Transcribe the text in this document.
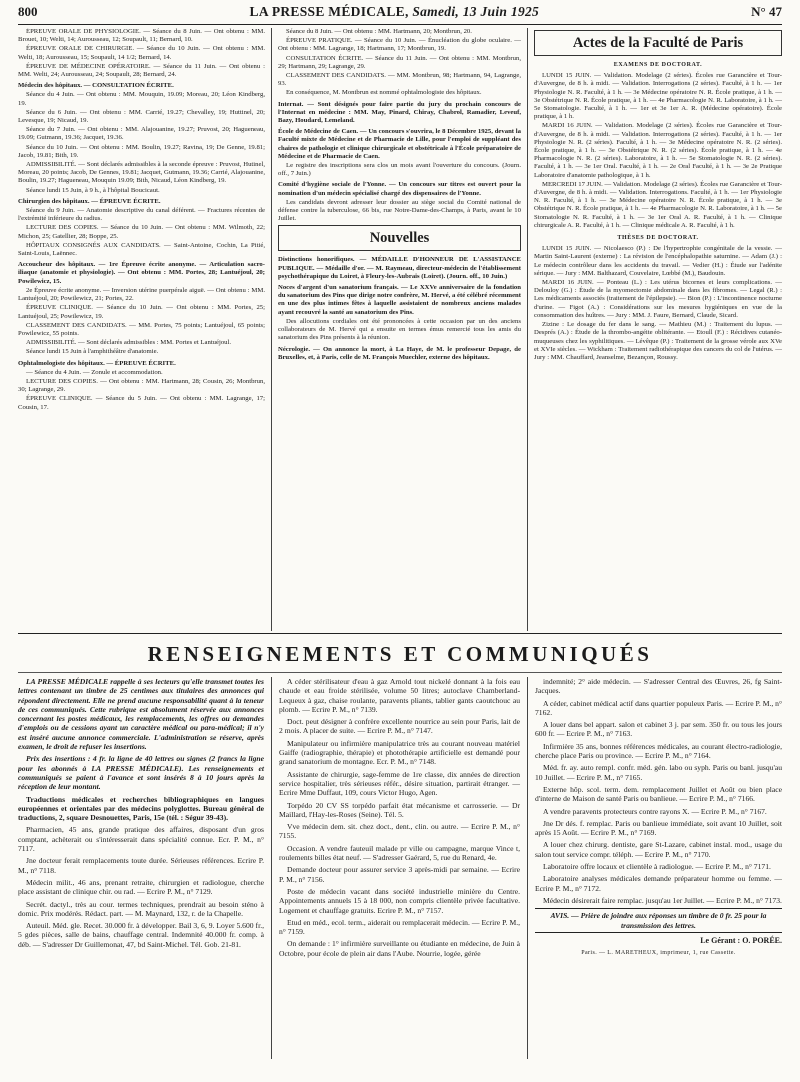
800	LA PRESSE MÉDICALE, Samedi, 13 Juin 1925	N° 47

ÉPREUVE ORALE DE PHYSIOLOGIE. — Séance du 8 Juin. — Ont obtenu : MM. Brouet, 10; Welti, 14; Aurousseau, 12; Soupault, 11; Bernard, 10.

ÉPREUVE ORALE DE CHIRURGIE. — Séance du 10 Juin. — Ont obtenu : MM. Welti, 18; Aurousseau, 15; Soupault, 14 1/2; Bernard, 14.

ÉPREUVE DE MÉDECINE OPÉRATOIRE. — Séance du 11 Juin. — Ont obtenu : MM. Welti, 24; Aurousseau, 24; Soupault, 28; Bernard, 24.

Médecin des hôpitaux. — CONSULTATION ÉCRITE.

Séance du 4 Juin. — Ont obtenu : MM. Mouquin, 19.09; Moreau, 20; Léon Kindberg, 19.

Séance du 6 Juin. — Ont obtenu : MM. Carrié, 19.27; Chevalley, 19; Huttinel, 20; Levesque, 19; Nicaud, 19.

Séance du 7 Juin. — Ont obtenu : MM. Alajouanine, 19.27; Pruvost, 20; Hagueneau, 19.09; Gutmann, 19.36; Jacquet, 19.36.

Séance du 10 Juin. — Ont obtenu : MM. Boulin, 19.27; Ravina, 19; De Genne, 19.81; Jacob, 19.81; Bith, 19.

ADMISSIBILITÉ. — Sont déclarés admissibles à la seconde épreuve : Pruvost, Hutinel, Moreau, 20 points; Jacob, De Gennes, 19.81; Jacquet, Gutmann, 19.36; Carrié, Alajouanine, Boulin, 19.27; Hagueneau, Mouquin 19.09; Bith, Nicaud, Léon Kindberg, 19.

Séance lundi 15 Juin, à 9 h., à l'hôpital Boucicaut.

Chirurgien des hôpitaux. — ÉPREUVE ÉCRITE.

Séance du 9 Juin. — Anatomie descriptive du canal déférent. — Fractures récentes de l'extrémité inférieure du radius.

LECTURE DES COPIES. — Séance du 10 Juin. — Ont obtenu : MM. Wilmoth, 22; Michon, 25; Gatellier, 28; Boppe, 25.

HÔPITAUX CONSIGNÉS AUX CANDIDATS. — Saint-Antoine, Cochin, La Pitié, Saint-Louis, Laënnec.

Accoucheur des hôpitaux. — 1re Épreuve écrite anonyme. — Articulation sacro-iliaque (anatomie et physiologie). — Ont obtenu : MM. Portes, 28; Lantuéjoul, 20; Powilewicz, 15.

2e Épreuve écrite anonyme. — Inversion utérine puerpérale aiguë. — Ont obtenu : MM. Lantuéjoul, 20; Powilewicz, 21; Portes, 22.

ÉPREUVE CLINIQUE. — Séance du 10 Juin. — Ont obtenu : MM. Portes, 25; Lantuéjoul, 25; Powilewicz, 19.

CLASSEMENT DES CANDIDATS. — MM. Portes, 75 points; Lantuéjoul, 65 points; Powilewicz, 55 points.

ADMISSIBILITÉ. — Sont déclarés admissibles : MM. Portes et Lantuéjoul.

Séance lundi 15 Juin à l'amphithéâtre d'anatomie.

Ophtalmologiste des hôpitaux. — ÉPREUVE ÉCRITE.

— Séance du 4 Juin. — Zonule et accommodation.

LECTURE DES COPIES. — Ont obtenu : MM. Hartmann, 28; Cousin, 26; Montbrun, 30; Lagrange, 29.

ÉPREUVE CLINIQUE. — Séance du 5 Juin. — Ont obtenu : MM. Lagrange, 17; Cousin, 17.

Séance du 8 Juin. — Ont obtenu : MM. Hartmann, 20; Montbrun, 20.

ÉPREUVE PRATIQUE. — Séance du 10 Juin. — Énucléation du globe oculaire. — Ont obtenu : MM. Lagrange, 18; Hartmann, 17; Montbrun, 19.

CONSULTATION ÉCRITE. — Séance du 11 Juin. — Ont obtenu : MM. Montbrun, 29; Hartmann, 29; Lagrange, 29.

CLASSEMENT DES CANDIDATS. — MM. Montbrun, 98; Hartmann, 94, Lagrange, 93.

En conséquence, M. Montbrun est nommé ophtalmologiste des hôpitaux.

Internat. — Sont désignés pour faire partie du jury du prochain concours de l'Internat en médecine : MM. May, Pinard, Chiray, Chabrol, Ramadier, Leveuf, Bazy, Houdard, Lemeland.

École de Médecine de Caen. — Un concours s'ouvrira, le 8 Décembre 1925, devant la Faculté mixte de Médecine et de Pharmacie de Lille, pour l'emploi de suppléant des chaires de pathologie et clinique chirurgicale et obstétricale à l'École préparatoire de Médecine et de Pharmacie de Caen.

Le registre des inscriptions sera clos un mois avant l'ouverture du concours. (Journ. off., 7 Juin.)

Comité d'hygiène sociale de l'Yonne. — Un concours sur titres est ouvert pour la nomination d'un médecin spécialisé chargé des dispensaires de l'Yonne.

Les candidats devront adresser leur dossier au siège social du Comité national de défense contre la tuberculose, 66 bis, rue Notre-Dame-des-Champs, à Paris, avant le 10 Juillet.

Nouvelles

Distinctions honorifiques. — MÉDAILLE D'HONNEUR DE L'ASSISTANCE PUBLIQUE. — Médaille d'or. — M. Raymeau, directeur-médecin de l'établissement psychothérapique du Loiret, à Fleury-les-Aubrais (Loiret). (Journ. off., 10 Juin.)

Noces d'argent d'un sanatorium français. — Le XXVe anniversaire de la fondation du sanatorium des Pins que dirige notre confrère, M. Hervé, a été célébré récemment en une des plus intimes fêtes à laquelle assistaient de nombreux anciens malades ayant recouvré la santé au sanatorium des Pins.

Des allocutions cordiales ont été prononcées à cette occasion par un des anciens collaborateurs de M. Hervé qui a ensuite en termes émus remercié tous les amis du sanatorium des Pins présents à la réunion.

Nécrologie. — On annonce la mort, à La Haye, de M. le professeur Depage, de Bruxelles, et, à Paris, celle de M. François Muechler, externe des hôpitaux.

Actes de la Faculté de Paris
EXAMENS DE DOCTORAT.

LUNDI 15 JUIN. — Validation. Modelage (2 séries). Écoles rue Garancière et Tour-d'Auvergne, de 8 h. à midi. — Validation. Interrogations (2 séries). Faculté, à 1 h. — 1er Physiologie N. R. Faculté, à 1 h. — 3e Médecine opératoire N. R. École pratique, à 1 h. — 3e Obstétrique N. R. École pratique, à 1 h. — 4e Pharmacologie N. R. Laboratoire, à 1 h. — 5e Stomatologie. Faculté, à 1 h. — 1er et 3e 1er A. R. (Médecine opératoire). École pratique, à 1 h.

MARDI 16 JUIN. — Validation. Modelage (2 séries). Écoles rue Garancière et Tour-d'Auvergne, de 8 h. à midi. — Validation. Interrogations (2 séries). Faculté, à 1 h. — 1er Physiologie N. R. (2 séries). Faculté, à 1 h. — 3e Médecine opératoire N. R. (2 séries). École pratique, à 1 h. — 3e Obstétrique N. R. (2 séries). École pratique, à 1 h. — 4e Pharmacologie N. R. (2 séries). Laboratoire, à 1 h. — 5e Stomatologie N. R. (2 séries). Faculté, à 1 h. — 3e 1er Oral. Faculté, à 1 h. — 2e Oral Faculté, à 1 h. — 3e 2e Pratique Laboratoire d'anatomie pathologique, à 1 h.

MERCREDI 17 JUIN. — Validation. Modelage (2 séries). Écoles rue Garancière et Tour-d'Auvergne, de 8 h. à midi. — Validation. Interrogations. Faculté, à 1 h. — 1er Physiologie N. R. Faculté, à 1 h. — 3e Médecine opératoire N. R. École pratique, à 1 h. — 3e Obstétrique N. R. École pratique, à 1 h. — 4e Pharmacologie N. R. Laboratoire, à 1 h. — 5e Stomatologie N. R. Faculté, à 1 h. — 3e 1er Oral A. R. Faculté, à 1 h. — Clinique chirurgicale A. R. Faculté, à 1 h. — Clinique médicale A. R. Faculté, à 1 h.

THÈSES DE DOCTORAT.

LUNDI 15 JUIN. — Nicolaesco (P.) : De l'hypertrophie congénitale de la vessie. — Martin Saint-Laurent (externe) : La révision de l'encéphalopathie saturnine. — Adam (J.) : Le médecin contrôleur dans les accidents du travail. — Vedier (H.) : Étude sur l'adénite sérique. — Jury : MM. Balthazard, Couvelaire, Lœbbé (M.), Baudouin.

MARDI 16 JUIN. — Ponteau (L.) : Les utérus bicornes et leurs complications. — Delouloy (G.) : Étude de la myomectomie abdominale dans les fibromes. — Legal (R.) : Les médicaments associés (traitement de l'épilepsie). — Bion (P.) : L'incontinence nocturne d'urine. — Figot (A.) : Considérations sur les mesures hygiéniques en vue de la consommation des huîtres. — Jury : MM. J. Faure, Bernard, Claude, Sicard.

Zizine : Le dosage du fer dans le sang. — Mathieu (M.) : Traitement du lupus. — Després (A.) : Étude de la thrombo-angéite oblitérante. — Etoull (F.) : Récidives cutanéo-muqueuses chez les syphilitiques. — Lévêque (P.) : Traitement de la grosse vérole aux XVe et XVIe siècles. — Wickham : Traitement radiothérapique des cancers du col de l'utérus. — Jury : MM. Chauffard, Jeanselme, Bezançon, Roussy.

RENSEIGNEMENTS ET COMMUNIQUÉS

LA PRESSE MÉDICALE rappelle à ses lecteurs qu'elle transmet toutes les lettres contenant un timbre de 25 centimes aux titulaires des annonces qui répondent directement. Elle ne prend aucune responsabilité quant à la teneur de ces communiqués. Cette rubrique est absolument réservée aux annonces concernant les postes médicaux, les remplacements, les offres ou demandes d'emplois ou de cessions ayant un caractère médical ou para-médical; il n'y est inséré aucune annonce commerciale. L'administration se réserve, après examen, le droit de refuser les insertions.

Prix des insertions : 4 fr. la ligne de 40 lettres ou signes (2 francs la ligne pour les abonnés à LA PRESSE MÉDICALE). Les renseignements et communiqués se paient à l'avance et sont insérés 8 à 10 jours après la réception de leur montant.

Traductions médicales et recherches bibliographiques en langues européennes et orientales par des médecins polyglottes. Bureau général de traductions, 2, square Desnouettes, Paris, 15e (tél. : Ségur 39-43).

Pharmacien, 45 ans, grande pratique des affaires, disposant d'un gros comptant, achèterait ou s'intéresserait dans spécialité connue. Ecr. P. M., n° 7117.

Jne docteur ferait remplacements toute durée. Sérieuses références. Ecrire P. M., n° 7118.

Médecin milit., 46 ans, prenant retraite, chirurgien et radiologue, cherche place assistant de clinique chir. ou rad. — Ecrire P. M., n° 7129.

Secrét. dactyl., très au cour. termes techniques, prendrait au besoin sténo à domic. Prix modérés. Rédact. part. — M. Maynard, 132, r. de la Chapelle.

Auteuil. Méd. gle. Recet. 30.000 fr. à développer. Bail 3, 6, 9. Loyer 5.600 fr., 5 gdes pièces, salle de bains, chauffage central. Indemnité 40.000 fr. comp. à déb. — S'adresser Dr Guillemonat, 47, bd Saint-Michel. Tél. Gob. 21-81.

A céder stérilisateur d'eau à gaz Arnold tout nickelé donnant à la fois eau chaude et eau froide stérilisée, volume 50 litres; autoclave Chamberland-Lequeux à gaz, chaise roulante, paravents pliants, tablier gants caoutchouc au plomb. — Ecrire P. M., n° 7139.

Doct. peut désigner à confrère excellente nourrice au sein pour Paris, lait de 2 mois. A placer de suite. — Ecrire P. M., n° 7147.

Manipulateur ou infirmière manipulatrice très au courant nouveau matériel Gaiffe (radiographie, thérapie) et photothérapie artificielle est demandé pour grand sanatorium de montagne. Ecr. P. M., n° 7148.

Assistante de chirurgie, sage-femme de 1re classe, dix années de direction service hospitalier, très sérieuses référ., désire situation, partirait étranger. — Ecrire Mme Duffaut, 109, cours Victor Hugo, Agen.

Torpédo 20 CV SS torpédo parfait état mécanisme et carrosserie. — Dr Maillard, l'Hay-les-Roses (Seine). Tél. 5.

Vve médecin dem. sit. chez doct., dent., clin. ou autre. — Ecrire P. M., n° 7155.

Occasion. A vendre fauteuil malade pr ville ou campagne, marque Vince t, roulements billes état neuf. — S'adresser Gaérard, 5, rue du Renard, 4e.

Demande docteur pour assurer service 3 après-midi par semaine. — Ecrire P. M., n° 7156.

Poste de médecin vacant dans société industrielle minière du Centre. Appointements annuels 15 à 18 000, non compris clientèle privée facultative. Logement et chauffage gratuits. Ecrire P. M., n° 7157.

Etud en méd., ecol. term., aiderait ou remplacerait médecin. — Ecrire P. M., n° 7159.

On demande : 1° infirmière surveillante ou étudiante en médecine, de Juin à Octobre, pour école de plein air dans l'Aube. Nourrie, logée, gérée

indemnité; 2° aide médecin. — S'adresser Central des Œuvres, 26, fg Saint-Jacques.

A céder, cabinet médical actif dans quartier populeux Paris. — Ecrire P. M., n° 7162.

A louer dans bel appart. salon et cabinet 3 j. par sem. 350 fr. ou tous les jours 600 fr. — Ecrire P. M., n° 7163.

Infirmière 35 ans, bonnes références médicales, au courant électro-radiologie, cherche place Paris ou province. — Ecrire P. M., n° 7164.

Méd. fr. ay. auto rempl. confr. méd. gén. labo ou syph. Paris ou banl. jusqu'au 10 Juillet. — Ecrire P. M., n° 7165.

Externe hôp. scol. term. dem. remplacement Juillet et Août ou bien place d'interne de Maison de santé Paris ou banlieue. — Ecrire P. M., n° 7166.

A vendre paravents protecteurs contre rayons X. — Ecrire P. M., n° 7167.

Jne Dr dés. f. remplac. Paris ou banlieue immédiate, soit avant 10 Juillet, soit après 15 Août. — Ecrire P. M., n° 7169.

A louer chez chirurg. dentiste, gare St-Lazare, cabinet instal. mod., usage du salon tout service compr. téléph. — Ecrire P. M., n° 7170.

Laboratoire offre locaux et clientèle à radiologue. — Ecrire P. M., n° 7171.

Laboratoire analyses médicales demande préparateur homme ou femme. — Ecrire P. M., n° 7172.

Médecin désirerait faire remplac. jusqu'au 1er Juillet. — Ecrire P. M., n° 7173.

AVIS. — Prière de joindre aux réponses un timbre de 0 fr. 25 pour la transmission des lettres.
Le Gérant : O. PORÉE.
Paris. — L. MARETHEUX, imprimeur, 1, rue Cassette.
